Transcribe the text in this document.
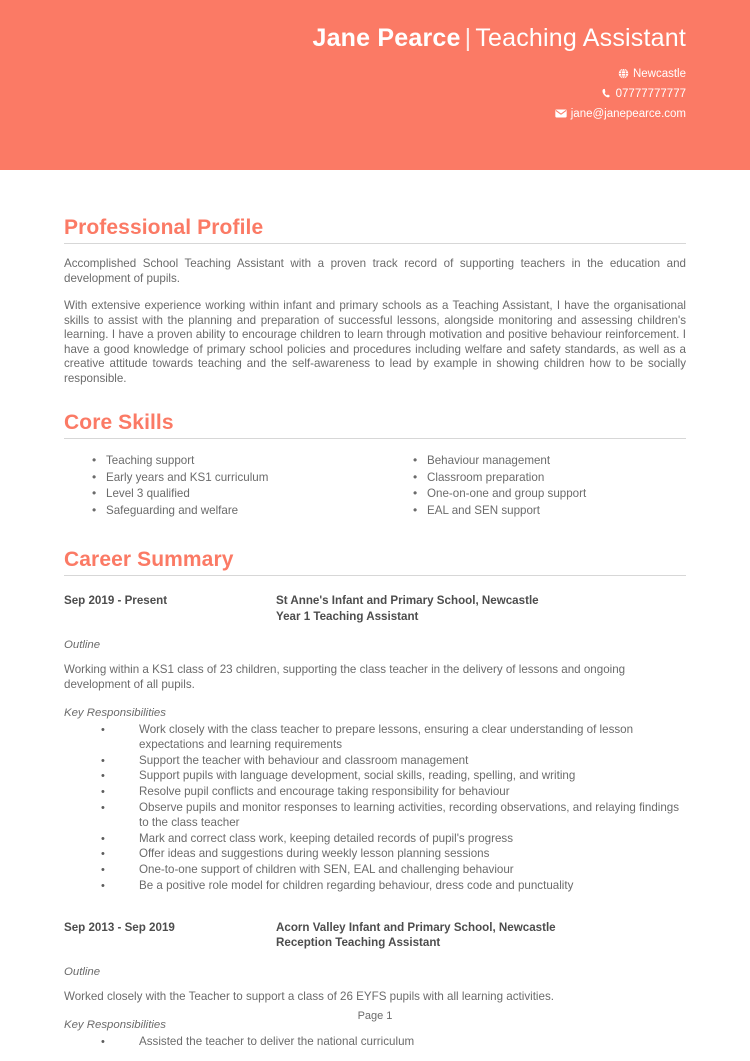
Jane Pearce | Teaching Assistant
Newcastle
07777777777
jane@janepearce.com
Professional Profile

Accomplished School Teaching Assistant with a proven track record of supporting teachers in the education and development of pupils.

With extensive experience working within infant and primary schools as a Teaching Assistant, I have the organisational skills to assist with the planning and preparation of successful lessons, alongside monitoring and assessing children's learning. I have a proven ability to encourage children to learn through motivation and positive behaviour reinforcement. I have a good knowledge of primary school policies and procedures including welfare and safety standards, as well as a creative attitude towards teaching and the self-awareness to lead by example in showing children how to be socially responsible.

Core Skills
• Teaching support
• Early years and KS1 curriculum
• Level 3 qualified
• Safeguarding and welfare
• Behaviour management
• Classroom preparation
• One-on-one and group support
• EAL and SEN support
Career Summary
Sep 2019 - Present	St Anne's Infant and Primary School, Newcastle
Year 1 Teaching Assistant
Outline
Working within a KS1 class of 23 children, supporting the class teacher in the delivery of lessons and ongoing development of all pupils.
Key Responsibilities
• Work closely with the class teacher to prepare lessons, ensuring a clear understanding of lesson expectations and learning requirements
• Support the teacher with behaviour and classroom management
• Support pupils with language development, social skills, reading, spelling, and writing
• Resolve pupil conflicts and encourage taking responsibility for behaviour
• Observe pupils and monitor responses to learning activities, recording observations, and relaying findings to the class teacher
• Mark and correct class work, keeping detailed records of pupil's progress
• Offer ideas and suggestions during weekly lesson planning sessions
• One-to-one support of children with SEN, EAL and challenging behaviour
• Be a positive role model for children regarding behaviour, dress code and punctuality
Sep 2013 - Sep 2019	Acorn Valley Infant and Primary School, Newcastle
Reception Teaching Assistant
Outline
Worked closely with the Teacher to support a class of 26 EYFS pupils with all learning activities.
Key Responsibilities
• Assisted the teacher to deliver the national curriculum
Page 1
